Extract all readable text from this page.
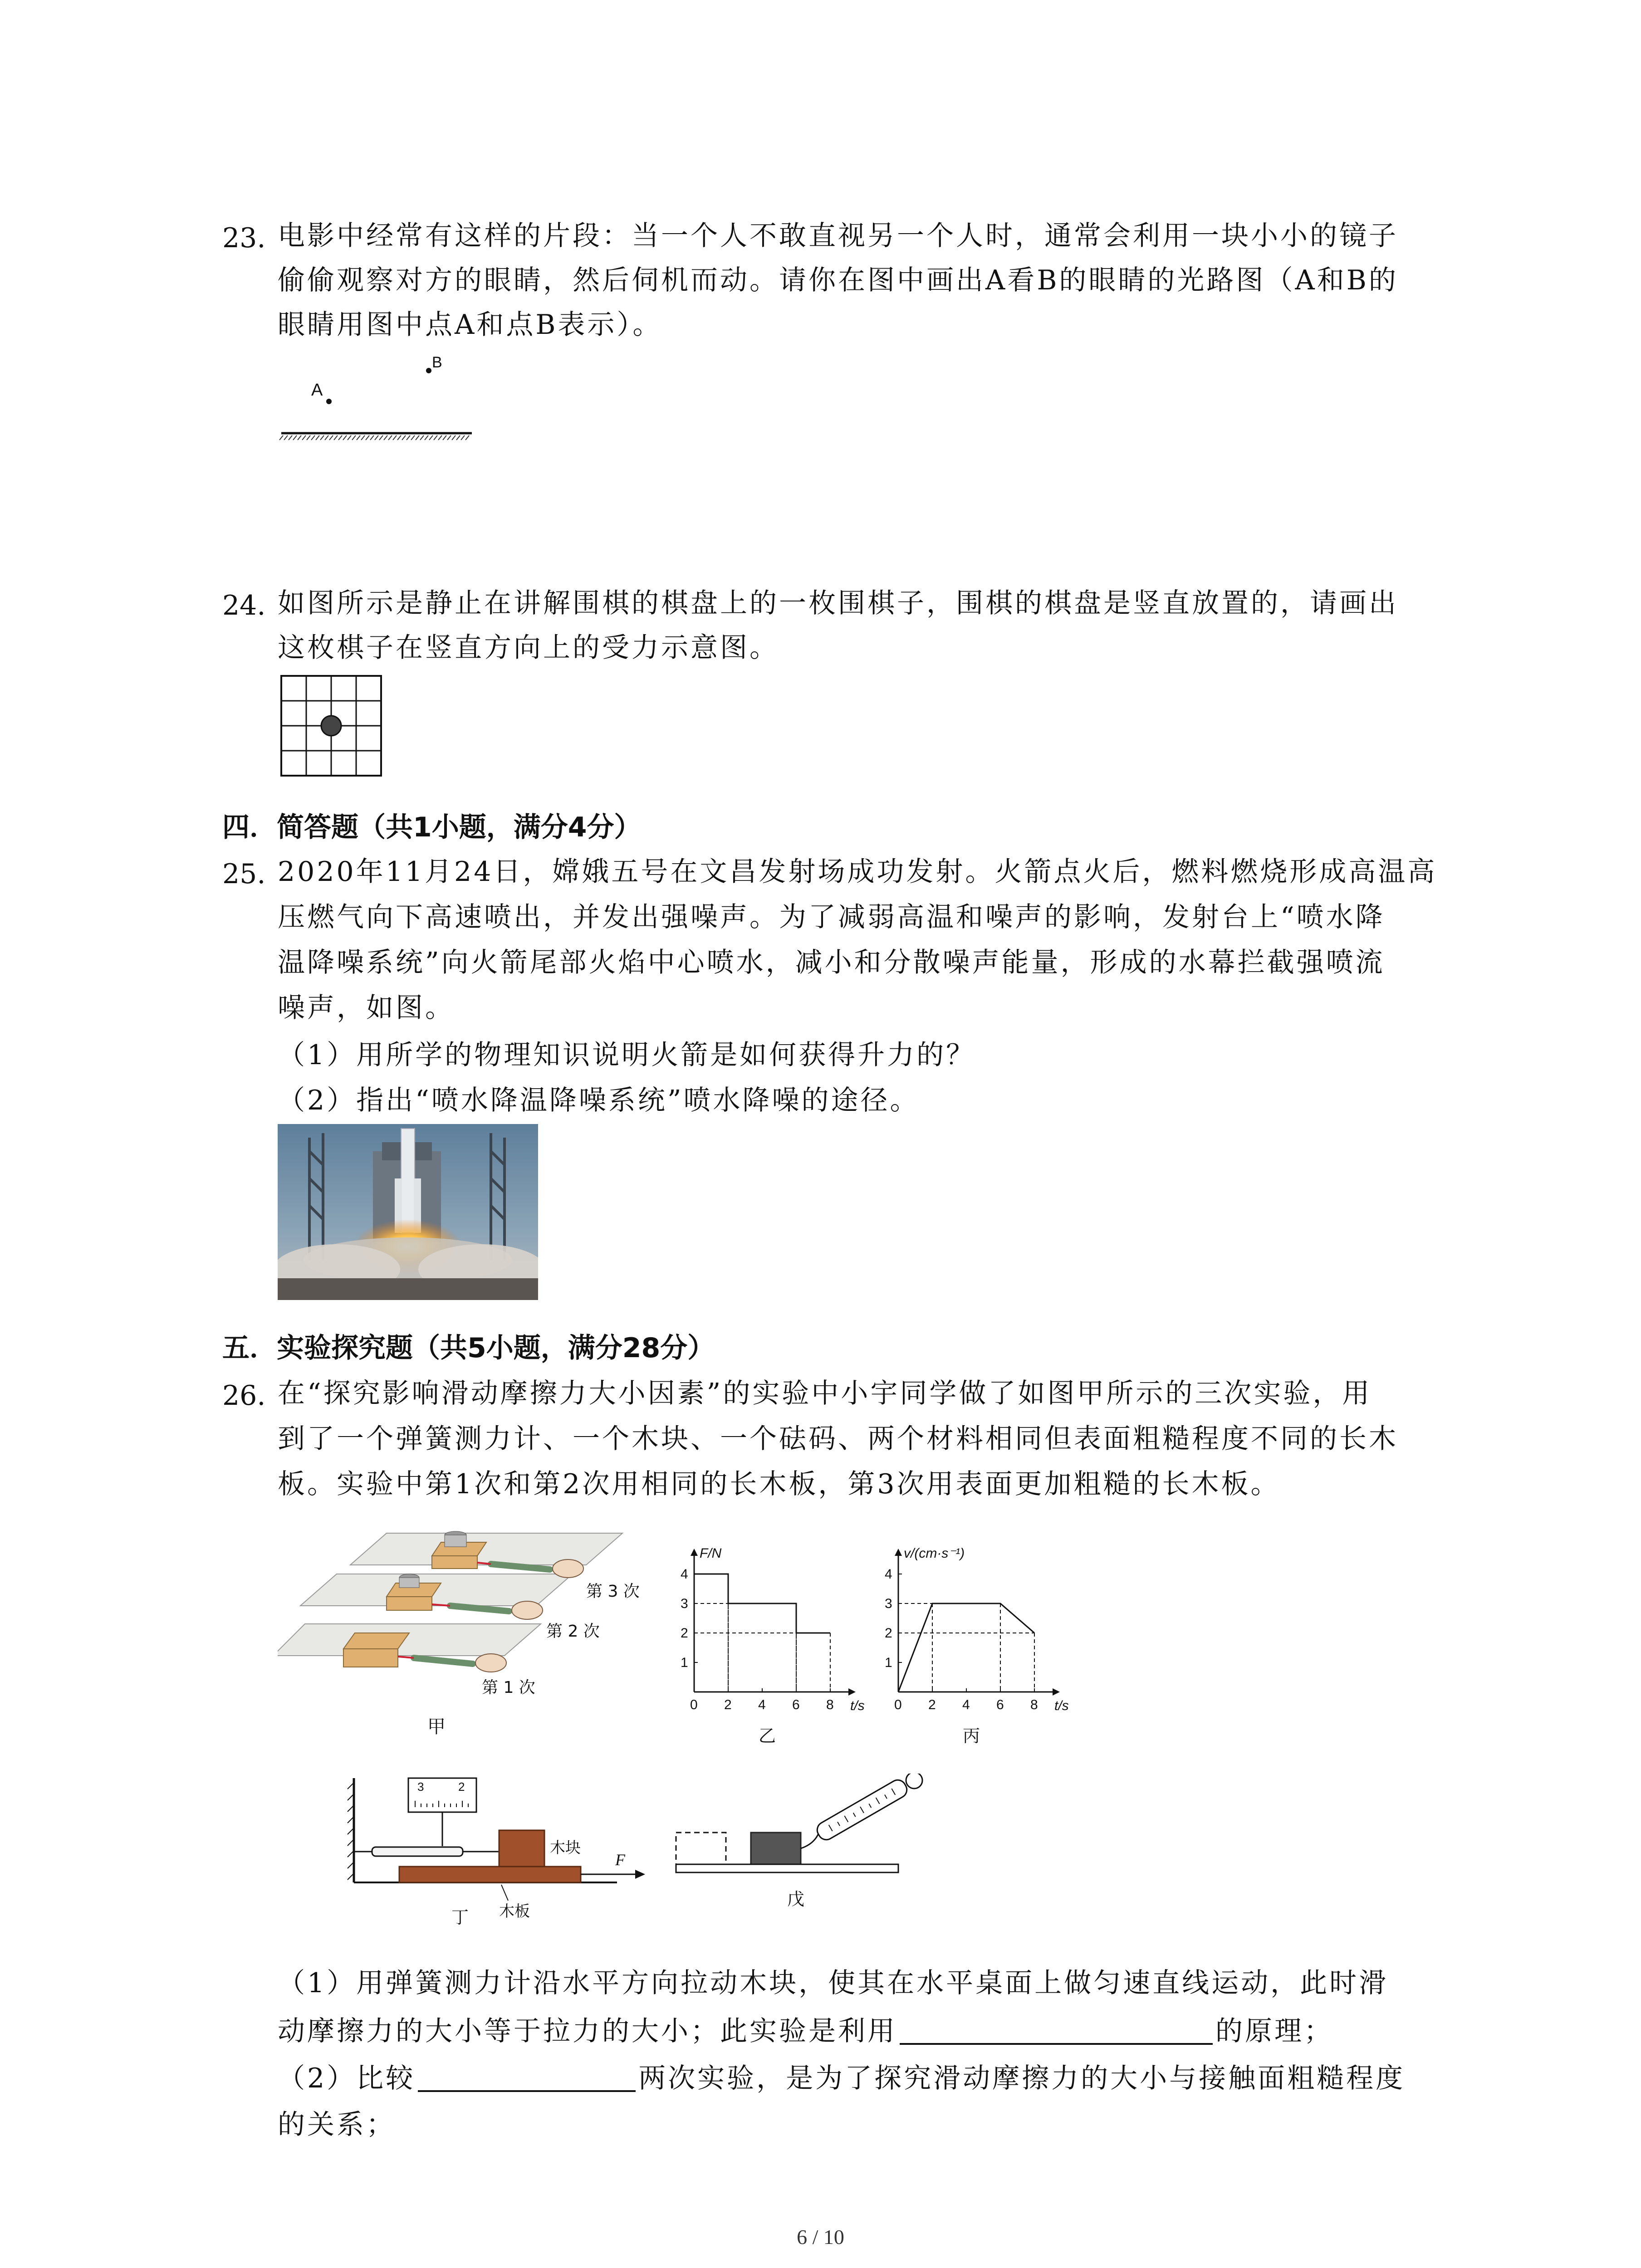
23. 电影中经常有这样的片段：当一个人不敢直视另一个人时，通常会利用一块小小的镜子
偷偷观察对方的眼睛，然后伺机而动。请你在图中画出A看B的眼睛的光路图（A和B的
眼睛用图中点A和点B表示）。
A
B
24. 如图所示是静止在讲解围棋的棋盘上的一枚围棋子，围棋的棋盘是竖直放置的，请画出
这枚棋子在竖直方向上的受力示意图。
四．简答题（共1小题，满分4分）
25. 2020年11月24日，嫦娥五号在文昌发射场成功发射。火箭点火后，燃料燃烧形成高温高
压燃气向下高速喷出，并发出强噪声。为了减弱高温和噪声的影响，发射台上“喷水降
温降噪系统”向火箭尾部火焰中心喷水，减小和分散噪声能量，形成的水幕拦截强喷流
噪声，如图。
（1）用所学的物理知识说明火箭是如何获得升力的？
（2）指出“喷水降温降噪系统”喷水降噪的途径。
五．实验探究题（共5小题，满分28分）
26. 在“探究影响滑动摩擦力大小因素”的实验中小宇同学做了如图甲所示的三次实验，用
到了一个弹簧测力计、一个木块、一个砝码、两个材料相同但表面粗糙程度不同的长木
板。实验中第1次和第2次用相同的长木板，第3次用表面更加粗糙的长木板。
第 3 次
第 2 次
第 1 次
甲
0 2 4 6 8
1
2
3
4
F/N
t/s
乙
0 2 4 6 8
1
2
3
4
v/(cm·s⁻¹)
t/s
丙
3	2
木块
F
木板
丁
戊
（1）用弹簧测力计沿水平方向拉动木块，使其在水平桌面上做匀速直线运动，此时滑
动摩擦力的大小等于拉力的大小；此实验是利用	的原理；
（2）比较	两次实验，是为了探究滑动摩擦力的大小与接触面粗糙程度
的关系；
6 / 10
